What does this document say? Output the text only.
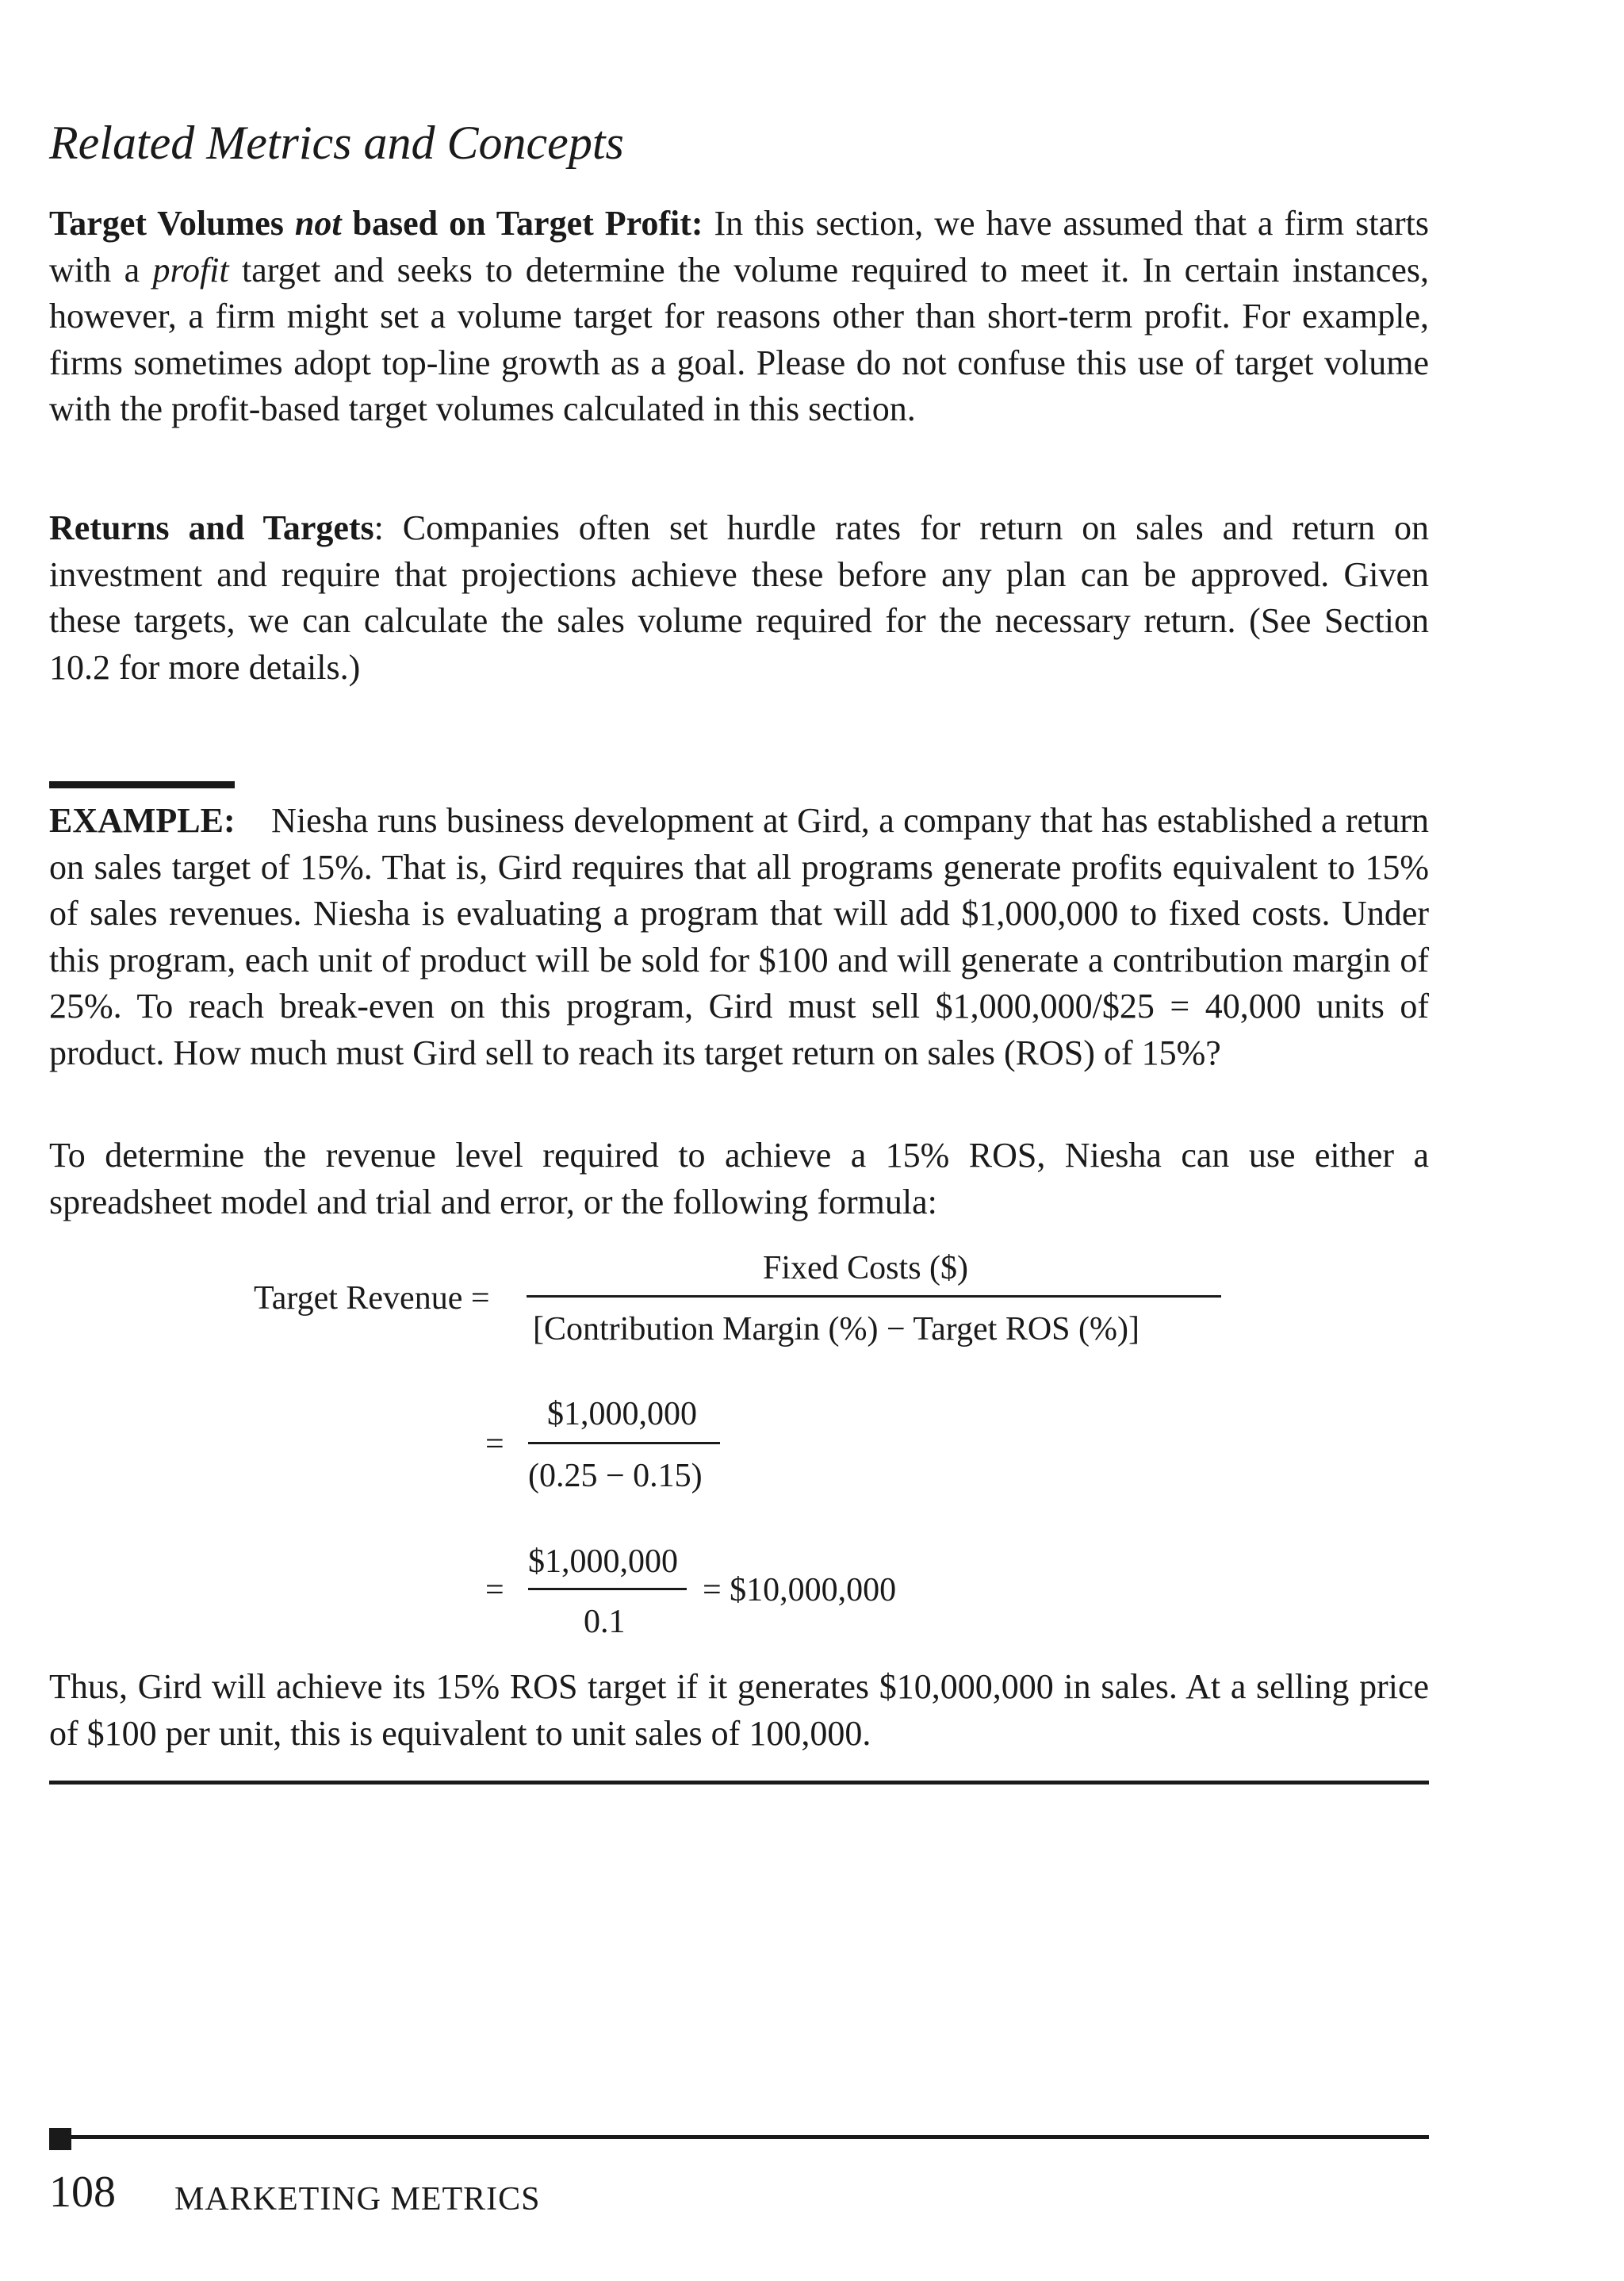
Related Metrics and Concepts

Target Volumes not based on Target Profit: In this section, we have assumed that a firm starts with a profit target and seeks to determine the volume required to meet it. In certain instances, however, a firm might set a volume target for reasons other than short-term profit. For example, firms sometimes adopt top-line growth as a goal. Please do not confuse this use of target volume with the profit-based target volumes calculated in this section.

Returns and Targets: Companies often set hurdle rates for return on sales and return on investment and require that projections achieve these before any plan can be approved. Given these targets, we can calculate the sales volume required for the necessary return. (See Section 10.2 for more details.)

EXAMPLE: Niesha runs business development at Gird, a company that has established a return on sales target of 15%. That is, Gird requires that all programs generate profits equivalent to 15% of sales revenues. Niesha is evaluating a program that will add $1,000,000 to fixed costs. Under this program, each unit of product will be sold for $100 and will generate a contribution margin of 25%. To reach break-even on this program, Gird must sell $1,000,000/$25 = 40,000 units of product. How much must Gird sell to reach its target return on sales (ROS) of 15%?

To determine the revenue level required to achieve a 15% ROS, Niesha can use either a spreadsheet model and trial and error, or the following formula:

Target Revenue =
Fixed Costs ($)
[Contribution Margin (%) − Target ROS (%)]
=
$1,000,000
(0.25 − 0.15)
=
$1,000,000
0.1
= $10,000,000

Thus, Gird will achieve its 15% ROS target if it generates $10,000,000 in sales. At a selling price of $100 per unit, this is equivalent to unit sales of 100,000.

108 MARKETING METRICS
